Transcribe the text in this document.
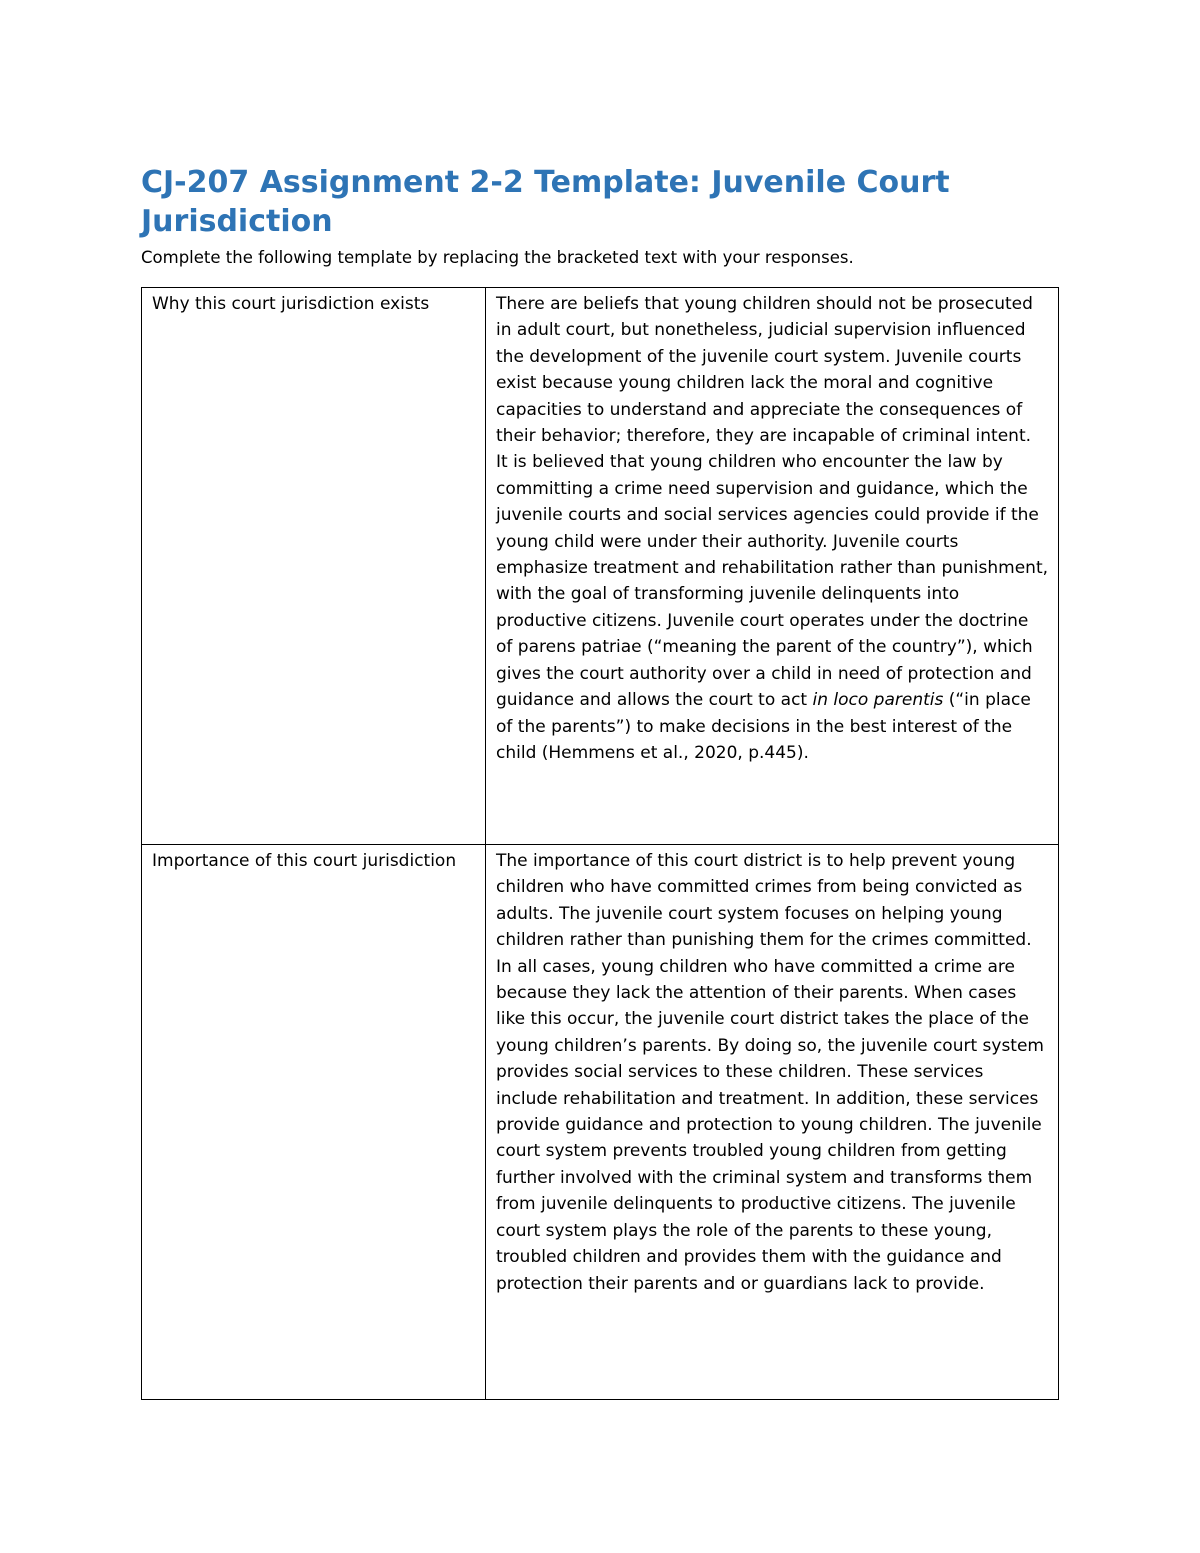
CJ-207 Assignment 2-2 Template: Juvenile Court Jurisdiction

Complete the following template by replacing the bracketed text with your responses.

Why this court jurisdiction exists	There are beliefs that young children should not be prosecuted in adult court, but nonetheless, judicial supervision influenced the development of the juvenile court system. Juvenile courts exist because young children lack the moral and cognitive capacities to understand and appreciate the consequences of their behavior; therefore, they are incapable of criminal intent. It is believed that young children who encounter the law by committing a crime need supervision and guidance, which the juvenile courts and social services agencies could provide if the young child were under their authority. Juvenile courts emphasize treatment and rehabilitation rather than punishment, with the goal of transforming juvenile delinquents into productive citizens. Juvenile court operates under the doctrine of parens patriae (“meaning the parent of the country”), which gives the court authority over a child in need of protection and guidance and allows the court to act in loco parentis (“in place of the parents”) to make decisions in the best interest of the child (Hemmens et al., 2020, p.445).

Importance of this court jurisdiction	The importance of this court district is to help prevent young children who have committed crimes from being convicted as adults. The juvenile court system focuses on helping young children rather than punishing them for the crimes committed. In all cases, young children who have committed a crime are because they lack the attention of their parents. When cases like this occur, the juvenile court district takes the place of the young children’s parents. By doing so, the juvenile court system provides social services to these children. These services include rehabilitation and treatment. In addition, these services provide guidance and protection to young children. The juvenile court system prevents troubled young children from getting further involved with the criminal system and transforms them from juvenile delinquents to productive citizens. The juvenile court system plays the role of the parents to these young, troubled children and provides them with the guidance and protection their parents and or guardians lack to provide.
